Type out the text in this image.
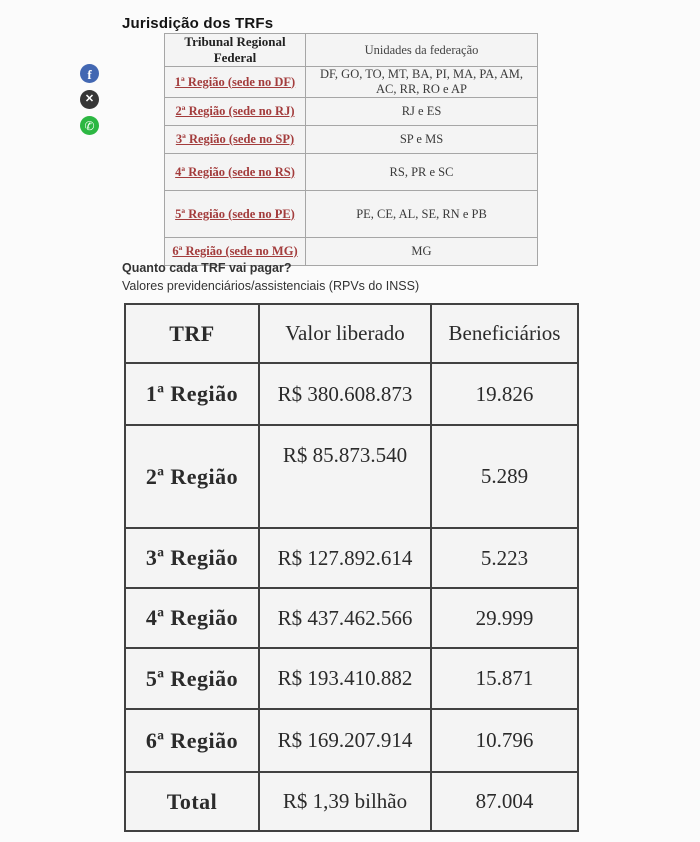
Jurisdição dos TRFs
f
✕
✆
Tribunal Regional Federal	Unidades da federação
1ª Região (sede no DF)	DF, GO, TO, MT, BA, PI, MA, PA, AM, AC, RR, RO e AP
2ª Região (sede no RJ)	RJ e ES
3ª Região (sede no SP)	SP e MS
4ª Região (sede no RS)	RS, PR e SC
5ª Região (sede no PE)	PE, CE, AL, SE, RN e PB
6ª Região (sede no MG)	MG

Quanto cada TRF vai pagar?

Valores previdenciários/assistenciais (RPVs do INSS)

TRF	Valor liberado	Beneficiários
1ª Região	R$ 380.608.873	19.826
2ª Região	R$ 85.873.540	5.289
3ª Região	R$ 127.892.614	5.223
4ª Região	R$ 437.462.566	29.999
5ª Região	R$ 193.410.882	15.871
6ª Região	R$ 169.207.914	10.796
Total	R$ 1,39 bilhão	87.004
